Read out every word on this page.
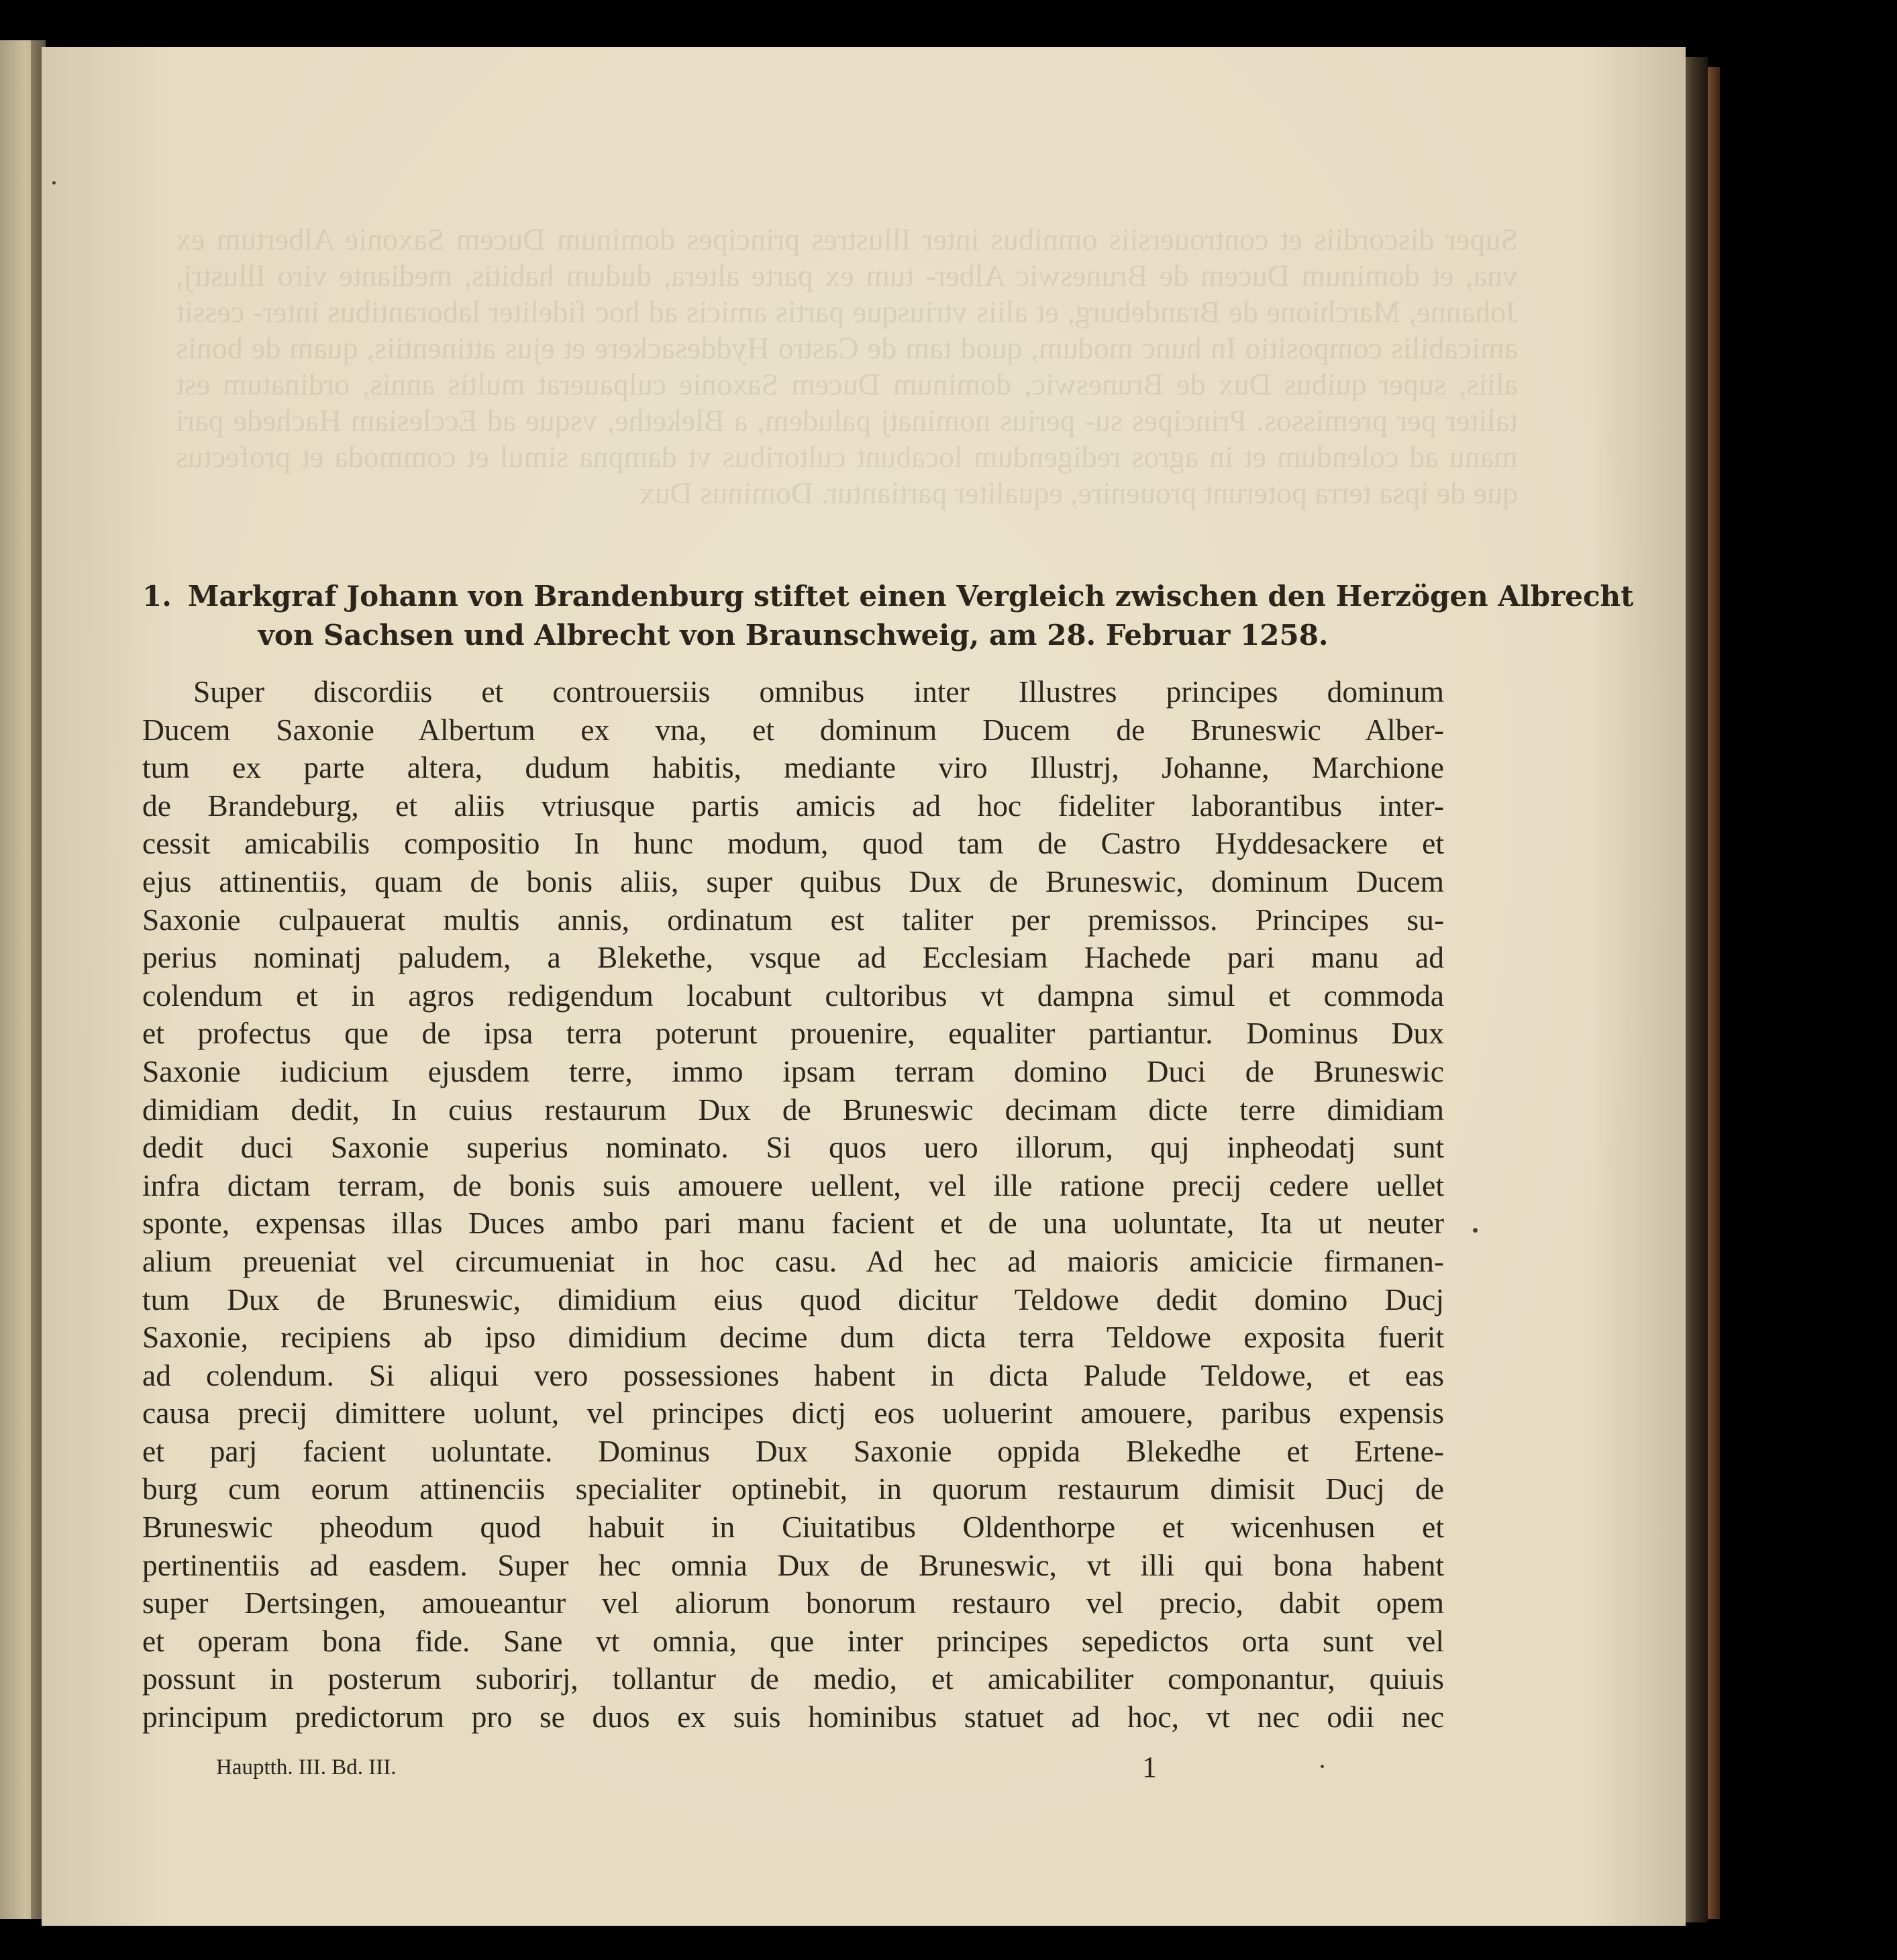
Super discordiis et controuersiis omnibus inter Illustres principes dominum Ducem Saxonie Albertum ex vna, et dominum Ducem de Bruneswic Alber- tum ex parte altera, dudum habitis, mediante viro Illustrj, Johanne, Marchione de Brandeburg, et aliis vtriusque partis amicis ad hoc fideliter laborantibus inter- cessit amicabilis compositio In hunc modum, quod tam de Castro Hyddesackere et ejus attinentiis, quam de bonis aliis, super quibus Dux de Bruneswic, dominum Ducem Saxonie culpauerat multis annis, ordinatum est taliter per premissos. Principes su- perius nominatj paludem, a Blekethe, vsque ad Ecclesiam Hachede pari manu ad colendum et in agros redigendum locabunt cultoribus vt dampna simul et commoda et profectus que de ipsa terra poterunt prouenire, equaliter partiantur. Dominus Dux
1. Markgraf Johann von Brandenburg stiftet einen Vergleich zwischen den Herzögen Albrecht
von Sachsen und Albrecht von Braunschweig, am 28. Februar 1258.
Super discordiis et controuersiis omnibus inter Illustres principes dominum
Ducem Saxonie Albertum ex vna, et dominum Ducem de Bruneswic Alber-
tum ex parte altera, dudum habitis, mediante viro Illustrj, Johanne, Marchione
de Brandeburg, et aliis vtriusque partis amicis ad hoc fideliter laborantibus inter-
cessit amicabilis compositio In hunc modum, quod tam de Castro Hyddesackere et
ejus attinentiis, quam de bonis aliis, super quibus Dux de Bruneswic, dominum Ducem
Saxonie culpauerat multis annis, ordinatum est taliter per premissos. Principes su-
perius nominatj paludem, a Blekethe, vsque ad Ecclesiam Hachede pari manu ad
colendum et in agros redigendum locabunt cultoribus vt dampna simul et commoda
et profectus que de ipsa terra poterunt prouenire, equaliter partiantur. Dominus Dux
Saxonie iudicium ejusdem terre, immo ipsam terram domino Duci de Bruneswic
dimidiam dedit, In cuius restaurum Dux de Bruneswic decimam dicte terre dimidiam
dedit duci Saxonie superius nominato. Si quos uero illorum, quj inpheodatj sunt
infra dictam terram, de bonis suis amouere uellent, vel ille ratione precij cedere uellet
sponte, expensas illas Duces ambo pari manu facient et de una uoluntate, Ita ut neuter
alium preueniat vel circumueniat in hoc casu. Ad hec ad maioris amicicie firmanen-
tum Dux de Bruneswic, dimidium eius quod dicitur Teldowe dedit domino Ducj
Saxonie, recipiens ab ipso dimidium decime dum dicta terra Teldowe exposita fuerit
ad colendum. Si aliqui vero possessiones habent in dicta Palude Teldowe, et eas
causa precij dimittere uolunt, vel principes dictj eos uoluerint amouere, paribus expensis
et parj facient uoluntate. Dominus Dux Saxonie oppida Blekedhe et Ertene-
burg cum eorum attinenciis specialiter optinebit, in quorum restaurum dimisit Ducj de
Bruneswic pheodum quod habuit in Ciuitatibus Oldenthorpe et wicenhusen et
pertinentiis ad easdem. Super hec omnia Dux de Bruneswic, vt illi qui bona habent
super Dertsingen, amoueantur vel aliorum bonorum restauro vel precio, dabit opem
et operam bona fide. Sane vt omnia, que inter principes sepedictos orta sunt vel
possunt in posterum suborirj, tollantur de medio, et amicabiliter componantur, quiuis
principum predictorum pro se duos ex suis hominibus statuet ad hoc, vt nec odii nec
Hauptth. III. Bd. III.	1
